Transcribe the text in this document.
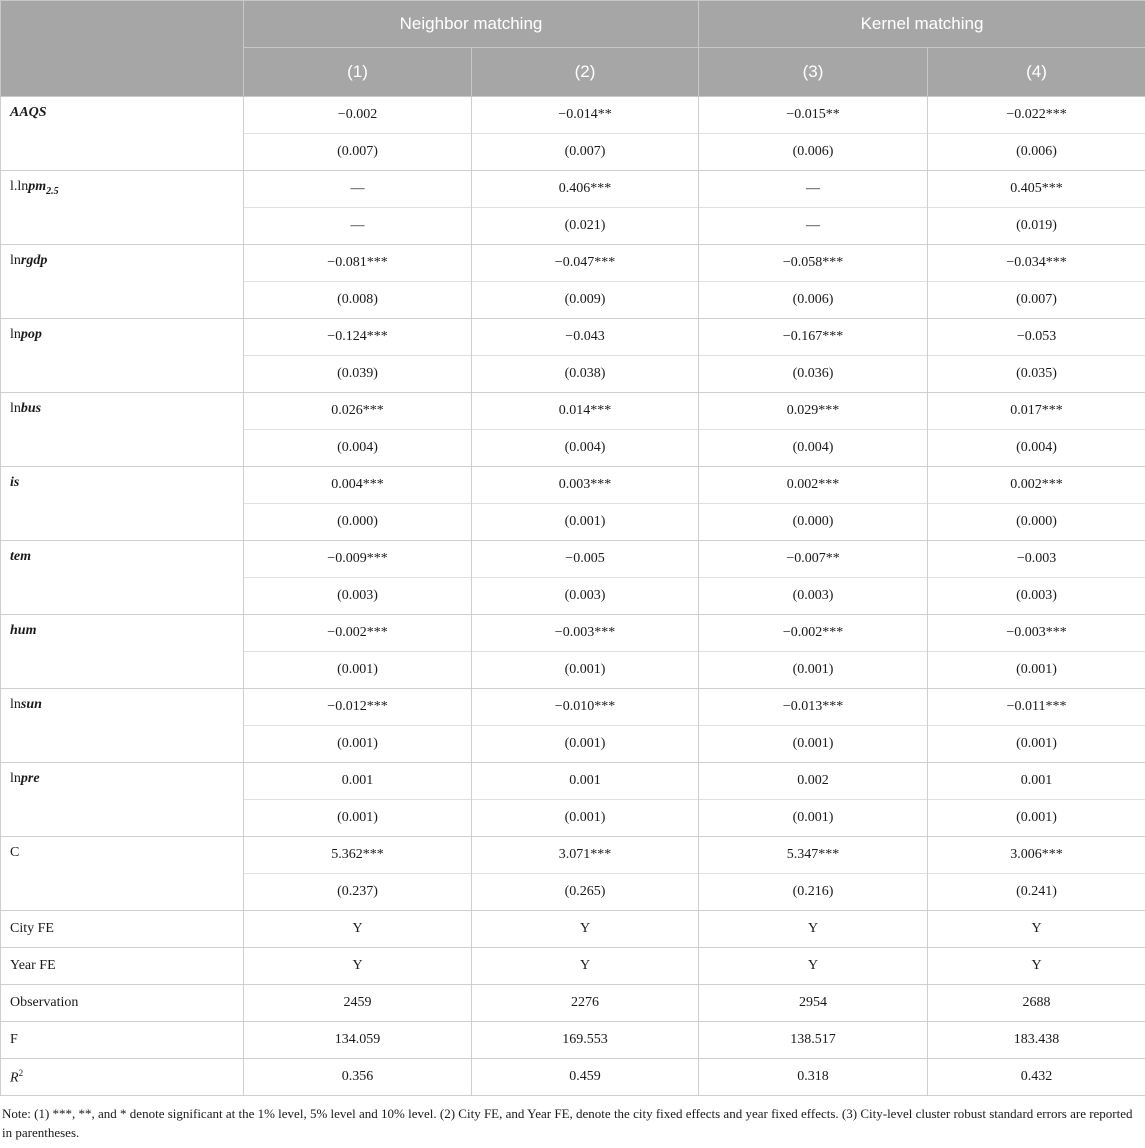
	Neighbor matching		Kernel matching	
	(1)	(2)	(3)	(4)
AAQS	−0.002	−0.014**	−0.015**	−0.022***
	(0.007)	(0.007)	(0.006)	(0.006)
l.lnpm$_{2.5}$	—	0.406***	—	0.405***
	—	(0.021)	—	(0.019)
lnrgdp	−0.081***	−0.047***	−0.058***	−0.034***
	(0.008)	(0.009)	(0.006)	(0.007)
lnpop	−0.124***	−0.043	−0.167***	−0.053
	(0.039)	(0.038)	(0.036)	(0.035)
lnbus	0.026***	0.014***	0.029***	0.017***
	(0.004)	(0.004)	(0.004)	(0.004)
is	0.004***	0.003***	0.002***	0.002***
	(0.000)	(0.001)	(0.000)	(0.000)
tem	−0.009***	−0.005	−0.007**	−0.003
	(0.003)	(0.003)	(0.003)	(0.003)
hum	−0.002***	−0.003***	−0.002***	−0.003***
	(0.001)	(0.001)	(0.001)	(0.001)
lnsun	−0.012***	−0.010***	−0.013***	−0.011***
	(0.001)	(0.001)	(0.001)	(0.001)
lnpre	0.001	0.001	0.002	0.001
	(0.001)	(0.001)	(0.001)	(0.001)
C	5.362***	3.071***	5.347***	3.006***
	(0.237)	(0.265)	(0.216)	(0.241)
City FE	Y	Y	Y	Y
Year FE	Y	Y	Y	Y
Observation	2459	2276	2954	2688
F	134.059	169.553	138.517	183.438
$R^2$	0.356	0.459	0.318	0.432
Note: (1) ***, **, and * denote significant at the 1% level, 5% level and 10% level. (2) City FE, and Year FE, denote the city fixed effects and year fixed effects. (3) City-level cluster robust standard errors are reported in parentheses.
